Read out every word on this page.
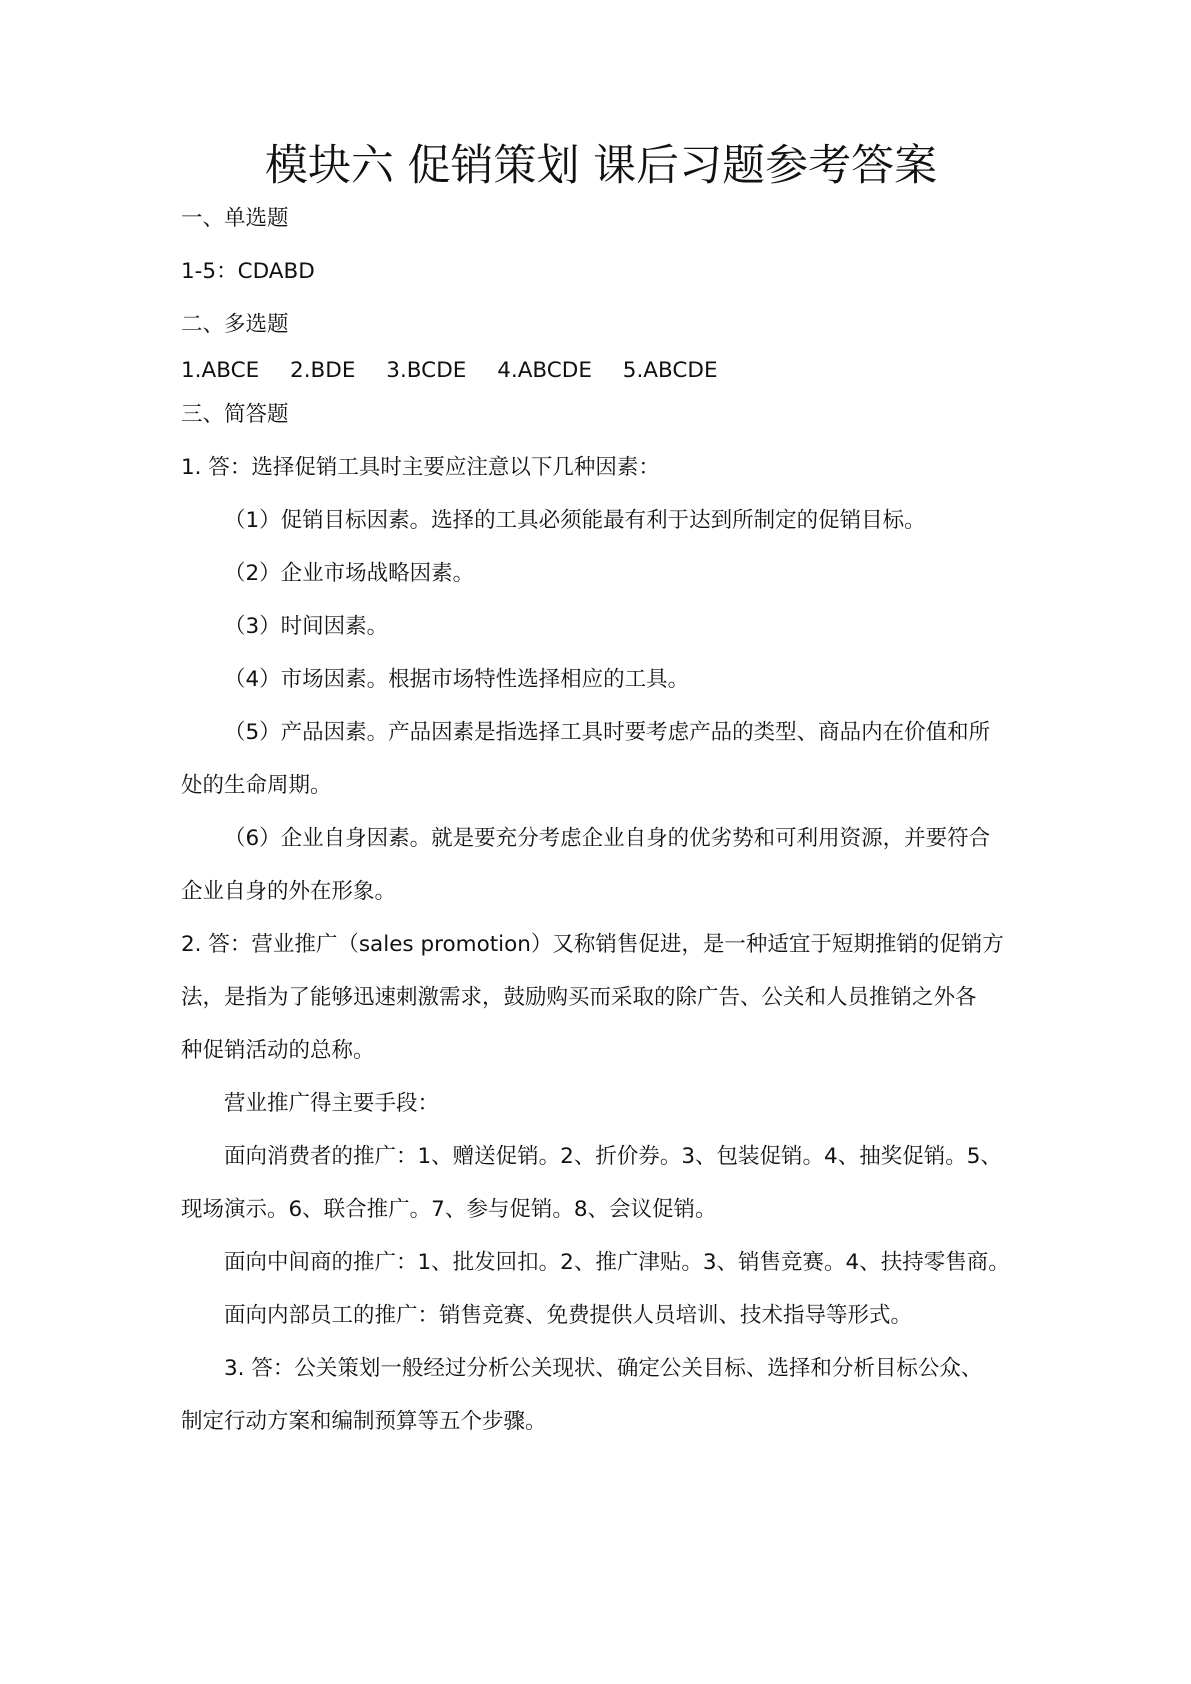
模块六 促销策划 课后习题参考答案
一、单选题
1-5：CDABD
二、多选题
1.ABCE 2.BDE 3.BCDE 4.ABCDE 5.ABCDE
三、简答题
1. 答：选择促销工具时主要应注意以下几种因素：
（1）促销目标因素。选择的工具必须能最有利于达到所制定的促销目标。
（2）企业市场战略因素。
（3）时间因素。
（4）市场因素。根据市场特性选择相应的工具。
（5）产品因素。产品因素是指选择工具时要考虑产品的类型、商品内在价值和所
处的生命周期。
（6）企业自身因素。就是要充分考虑企业自身的优劣势和可利用资源，并要符合
企业自身的外在形象。
2. 答：营业推广（sales promotion）又称销售促进，是一种适宜于短期推销的促销方
法，是指为了能够迅速刺激需求，鼓励购买而采取的除广告、公关和人员推销之外各
种促销活动的总称。
营业推广得主要手段：
面向消费者的推广：1、赠送促销。2、折价券。3、包装促销。4、抽奖促销。5、
现场演示。6、联合推广。7、参与促销。8、会议促销。
面向中间商的推广：1、批发回扣。2、推广津贴。3、销售竞赛。4、扶持零售商。
面向内部员工的推广：销售竞赛、免费提供人员培训、技术指导等形式。
3. 答：公关策划一般经过分析公关现状、确定公关目标、选择和分析目标公众、
制定行动方案和编制预算等五个步骤。
